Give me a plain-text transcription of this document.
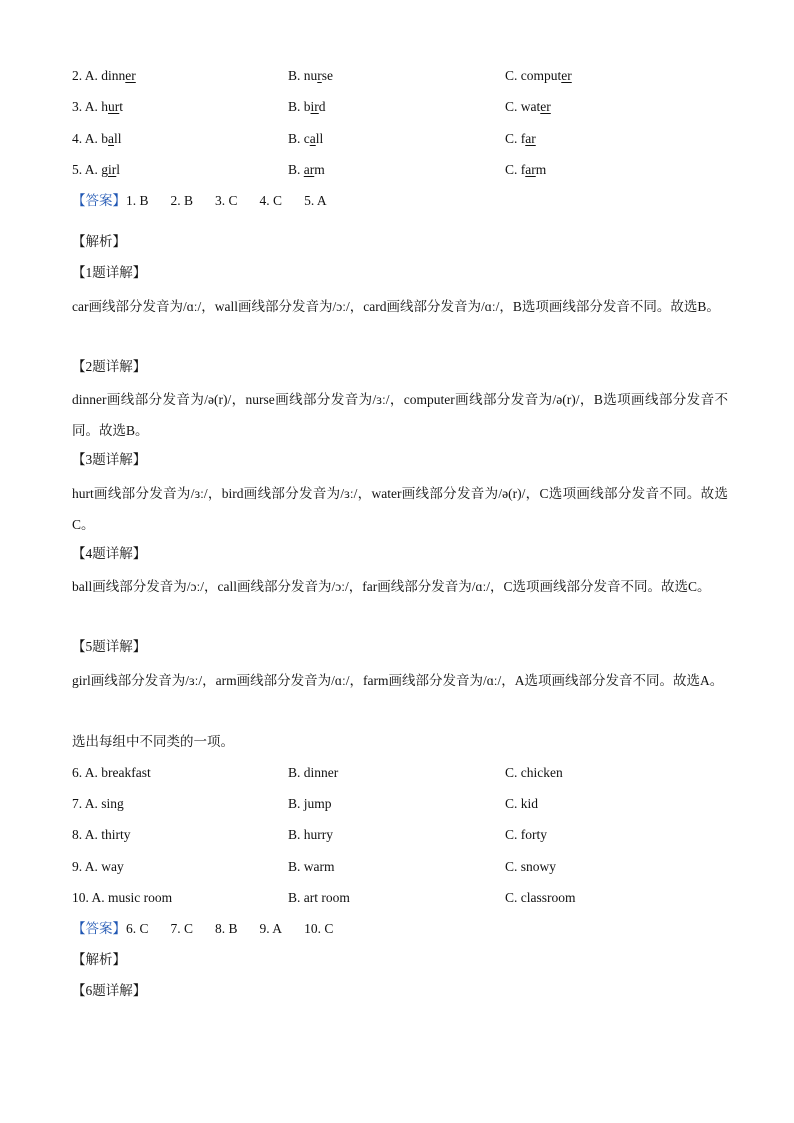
2. A. dinner	B. nurse	C. computer
3. A. hurt	B. bird	C. water
4. A. ball	B. call	C. far
5. A. girl	B. arm	C. farm
【答案】1. B 2. B 3. C 4. C 5. A
【解析】
【1题详解】
car画线部分发音为/ɑː/，wall画线部分发音为/ɔː/，card画线部分发音为/ɑː/，B选项画线部分发音不同。故选B。
【2题详解】
dinner画线部分发音为/ə(r)/，nurse画线部分发音为/ɜː/，computer画线部分发音为/ə(r)/，B选项画线部分发音不同。故选B。
【3题详解】
hurt画线部分发音为/ɜː/，bird画线部分发音为/ɜː/，water画线部分发音为/ə(r)/，C选项画线部分发音不同。故选C。
【4题详解】
ball画线部分发音为/ɔː/，call画线部分发音为/ɔː/，far画线部分发音为/ɑː/，C选项画线部分发音不同。故选C。
【5题详解】
girl画线部分发音为/ɜː/，arm画线部分发音为/ɑː/，farm画线部分发音为/ɑː/，A选项画线部分发音不同。故选A。
选出每组中不同类的一项。
6. A. breakfast	B. dinner	C. chicken
7. A. sing	B. jump	C. kid
8. A. thirty	B. hurry	C. forty
9. A. way	B. warm	C. snowy
10. A. music room	B. art room	C. classroom
【答案】6. C 7. C 8. B 9. A 10. C
【解析】
【6题详解】
